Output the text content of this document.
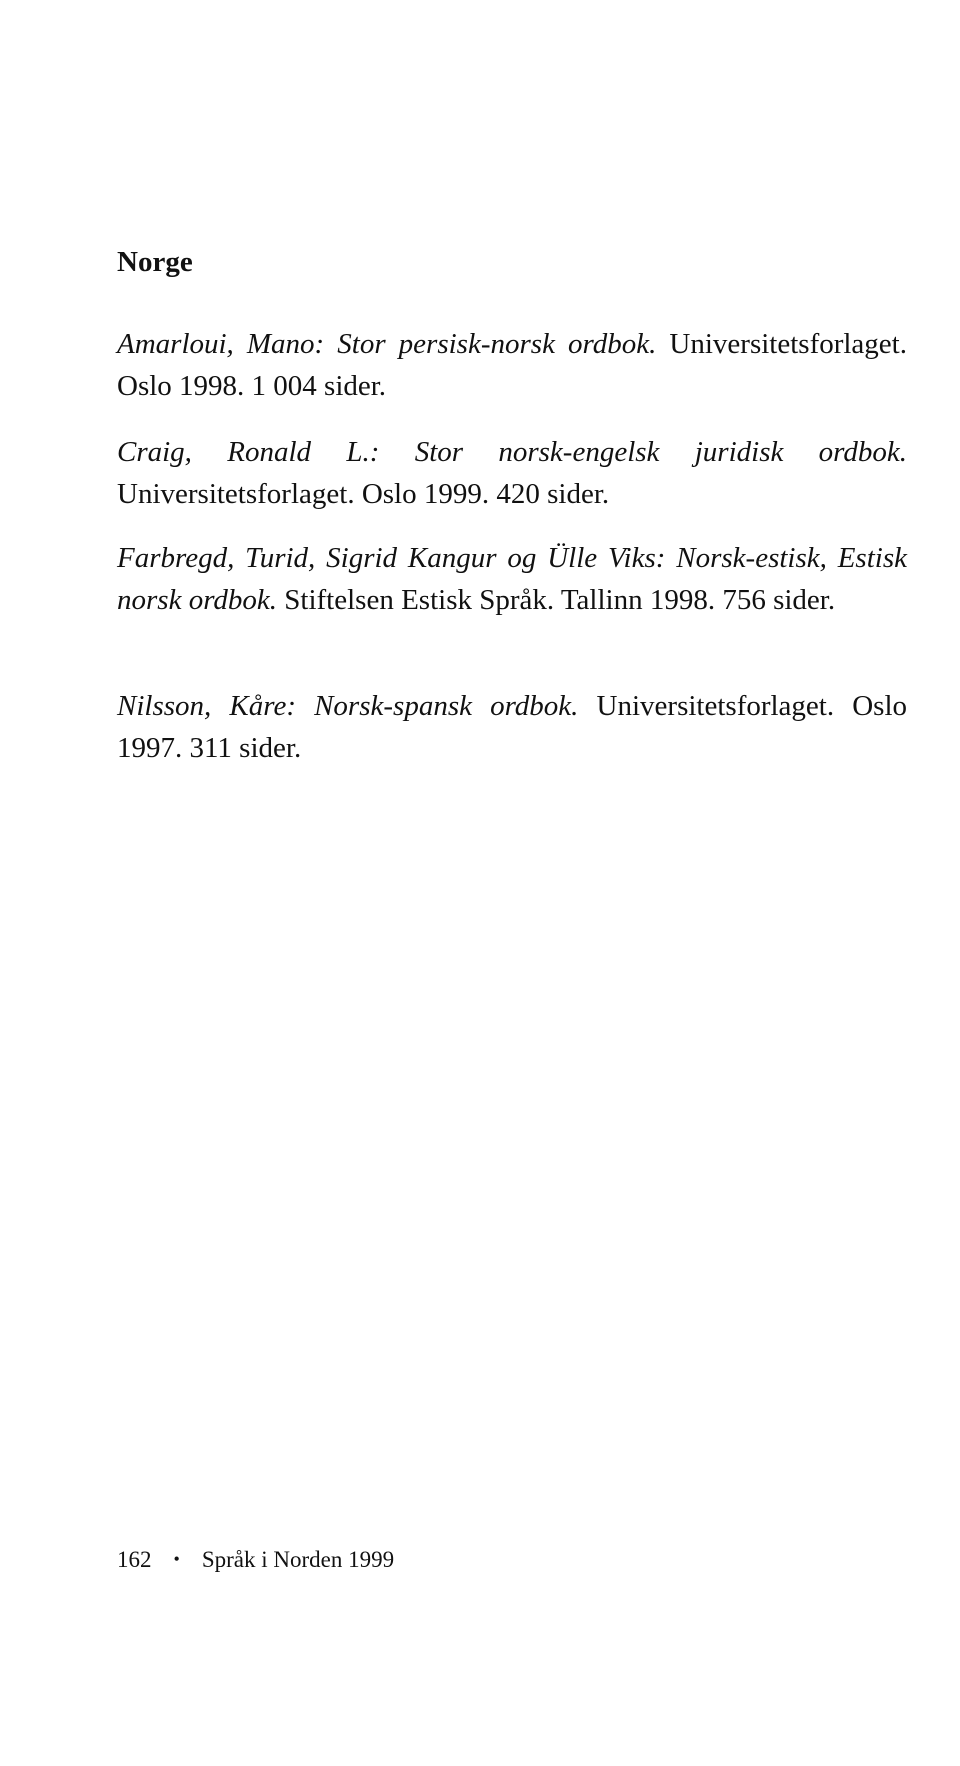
Norge

Amarloui, Mano: Stor persisk-norsk ordbok. Universitetsforlaget. Oslo 1998. 1 004 sider.

Craig, Ronald L.: Stor norsk-engelsk juridisk ordbok. Universitetsforlaget. Oslo 1999. 420 sider.

Farbregd, Turid, Sigrid Kangur og Ülle Viks: Norsk-estisk, Estisk norsk ordbok. Stiftelsen Estisk Språk. Tallinn 1998. 756 sider.

Nilsson, Kåre: Norsk-spansk ordbok. Universitetsforlaget. Oslo 1997. 311 sider.

162 • Språk i Norden 1999
